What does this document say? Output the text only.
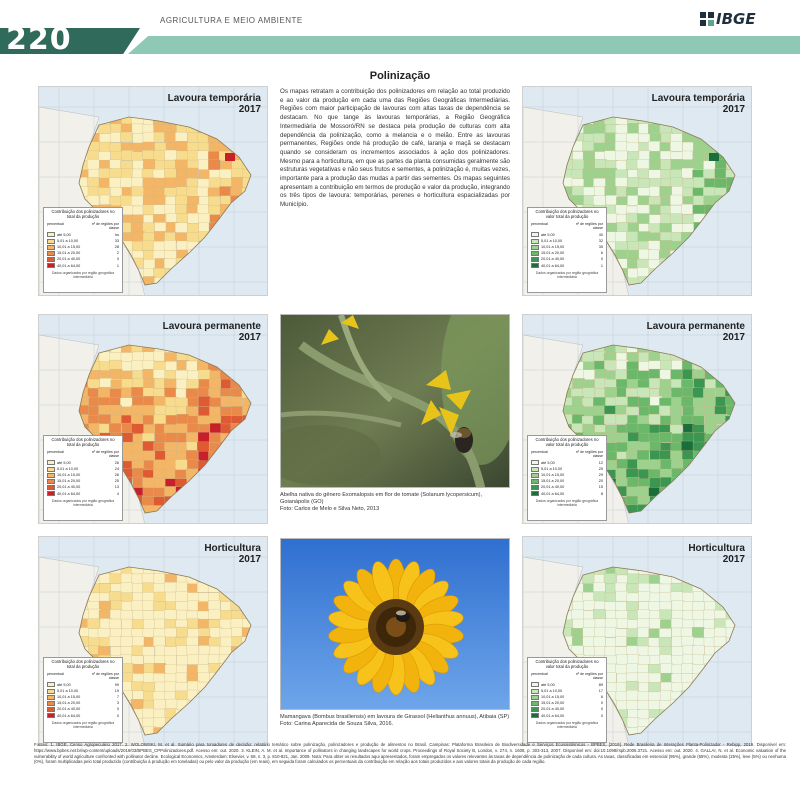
AGRICULTURA E MEIO AMBIENTE	IBGE
220
Polinização
Os mapas retratam a contribuição dos polinizadores em relação ao total produzido e ao valor da produção em cada uma das Regiões Geográficas Intermediárias. Regiões com maior participação de lavouras com altas taxas de dependência se destacam. No que tange às lavouras temporárias, a Região Geográfica Intermediária de Mossoró/RN se destaca pela produção de culturas com alta dependência da polinização, como a melancia e o melão. Entre as lavouras permanentes, Regiões onde há produção de café, laranja e maçã se destacam quando se consideram os incrementos associados à ação dos polinizadores. Mesmo para a horticultura, em que as partes da planta consumidas geralmente são estruturas vegetativas e não seus frutos e sementes, a polinização é, muitas vezes, importante para a produção das mudas a partir das sementes. Os mapas seguintes apresentam a contribuição em termos de produção e valor da produção, integrando os três tipos de lavoura: temporárias, perenes e horticultura espacializadas por Município.
Lavoura temporária
2017
Contribuição dos polinizadores no total da produção
percentual	nº de regiões por classe
até 5,00	hs
5,01 a 10,00	33
10,01 a 15,00	28
15,01 a 20,00	2
20,01 a 40,00	0
40,01 a 64,00	1
Dados organizados por região geográfica intermediária
Lavoura temporária
2017
Contribuição dos polinizadores no valor total da produção
percentual	nº de regiões por classe
até 5,00	40
5,01 a 10,00	32
10,01 a 15,00	35
15,01 a 20,00	6
20,01 a 40,00	0
40,01 a 64,00	1
Dados organizados por região geográfica intermediária
Lavoura permanente
2017
Contribuição dos polinizadores no total da produção
percentual	nº de regiões por classe
até 5,00	26
5,01 a 10,00	24
10,01 a 15,00	26
15,01 a 20,00	25
20,01 a 40,00	13
40,01 a 64,00	4
Dados organizados por região geográfica intermediária
Lavoura permanente
2017
Contribuição dos polinizadores no valor total da produção
percentual	nº de regiões por classe
até 5,00	12
5,01 a 10,00	25
10,01 a 15,00	29
15,01 a 20,00	20
20,01 a 40,00	15
40,01 a 64,00	8
Dados organizados por região geográfica intermediária
Horticultura
2017
Contribuição dos polinizadores no total da produção
percentual	nº de regiões por classe
até 5,00	99
5,01 a 10,00	19
10,01 a 15,00	7
15,01 a 20,00	3
20,01 a 40,00	0
40,01 a 64,00	0
Dados organizados por região geográfica intermediária
Horticultura
2017
Contribuição dos polinizadores no valor total da produção
percentual	nº de regiões por classe
até 5,00	89
5,01 a 10,00	17
10,01 a 15,00	6
15,01 a 20,00	0
20,01 a 40,00	0
40,01 a 64,00	0
Dados organizados por região geográfica intermediária
Abelha nativa do gênero Exomalopsis em flor de tomate (Solanum lycopersicum), Goianápolis (GO)
Foto: Carlos de Melo e Silva Neto, 2013
Mamangava (Bombus brasiliensis) em lavoura de Girassol (Helianthus annuus), Atibaia (SP)
Foto: Carina Aparecida de Souza Silva, 2016.
Fontes: 1. IBGE, Censo Agropecuário 2017. 2. WOLOWSKI, M. et al. Sumário para tomadores de decisão: relatório temático sobre polinização, polinizadores e produção de alimentos no Brasil. Campinas: Plataforma Brasileira de Biodiversidade e Serviços Ecossistêmicos - BPBES, [2019]. Rede Brasileira de Interações Planta-Polinizador - Rebipp, 2019. Disponível em: https://www.bpbes.net.br/wp-content/uploads/2019/03/BPBES_CPPolinizadores.pdf. Acesso em: out. 2020. 3. KLEIN, A. M. et al. Importance of pollinators in changing landscapes for world crops. Proceedings of Royal Society B, London, v. 274, n. 1608, p. 303-313, 2007. Disponível em: doi:10.1098/rspb.2006.3721. Acesso em: out. 2020. 4. GALLAI, N. et al. Economic valuation of the vulnerability of world agriculture confronted with pollinator decline. Ecological Economics, Amsterdam: Elsevier, v. 68, n. 3, p. 810-821, Jan. 2009. Nota: Para obter os resultados aqui apresentados, foram empregados os valores relevantes às taxas de dependência de polinização de cada cultura. As taxas, classificadas em essencial (95%), grande (65%), modesta (25%), leve (5%) ou nenhuma (0%), foram multiplicadas pelo total produzido (contribuição à produção em toneladas) ou pelo valor da produção (em reais), em seguida foram calculados os percentuais da contribuição em relação aos totais produzidos e aos valores totais da produção de cada região.
